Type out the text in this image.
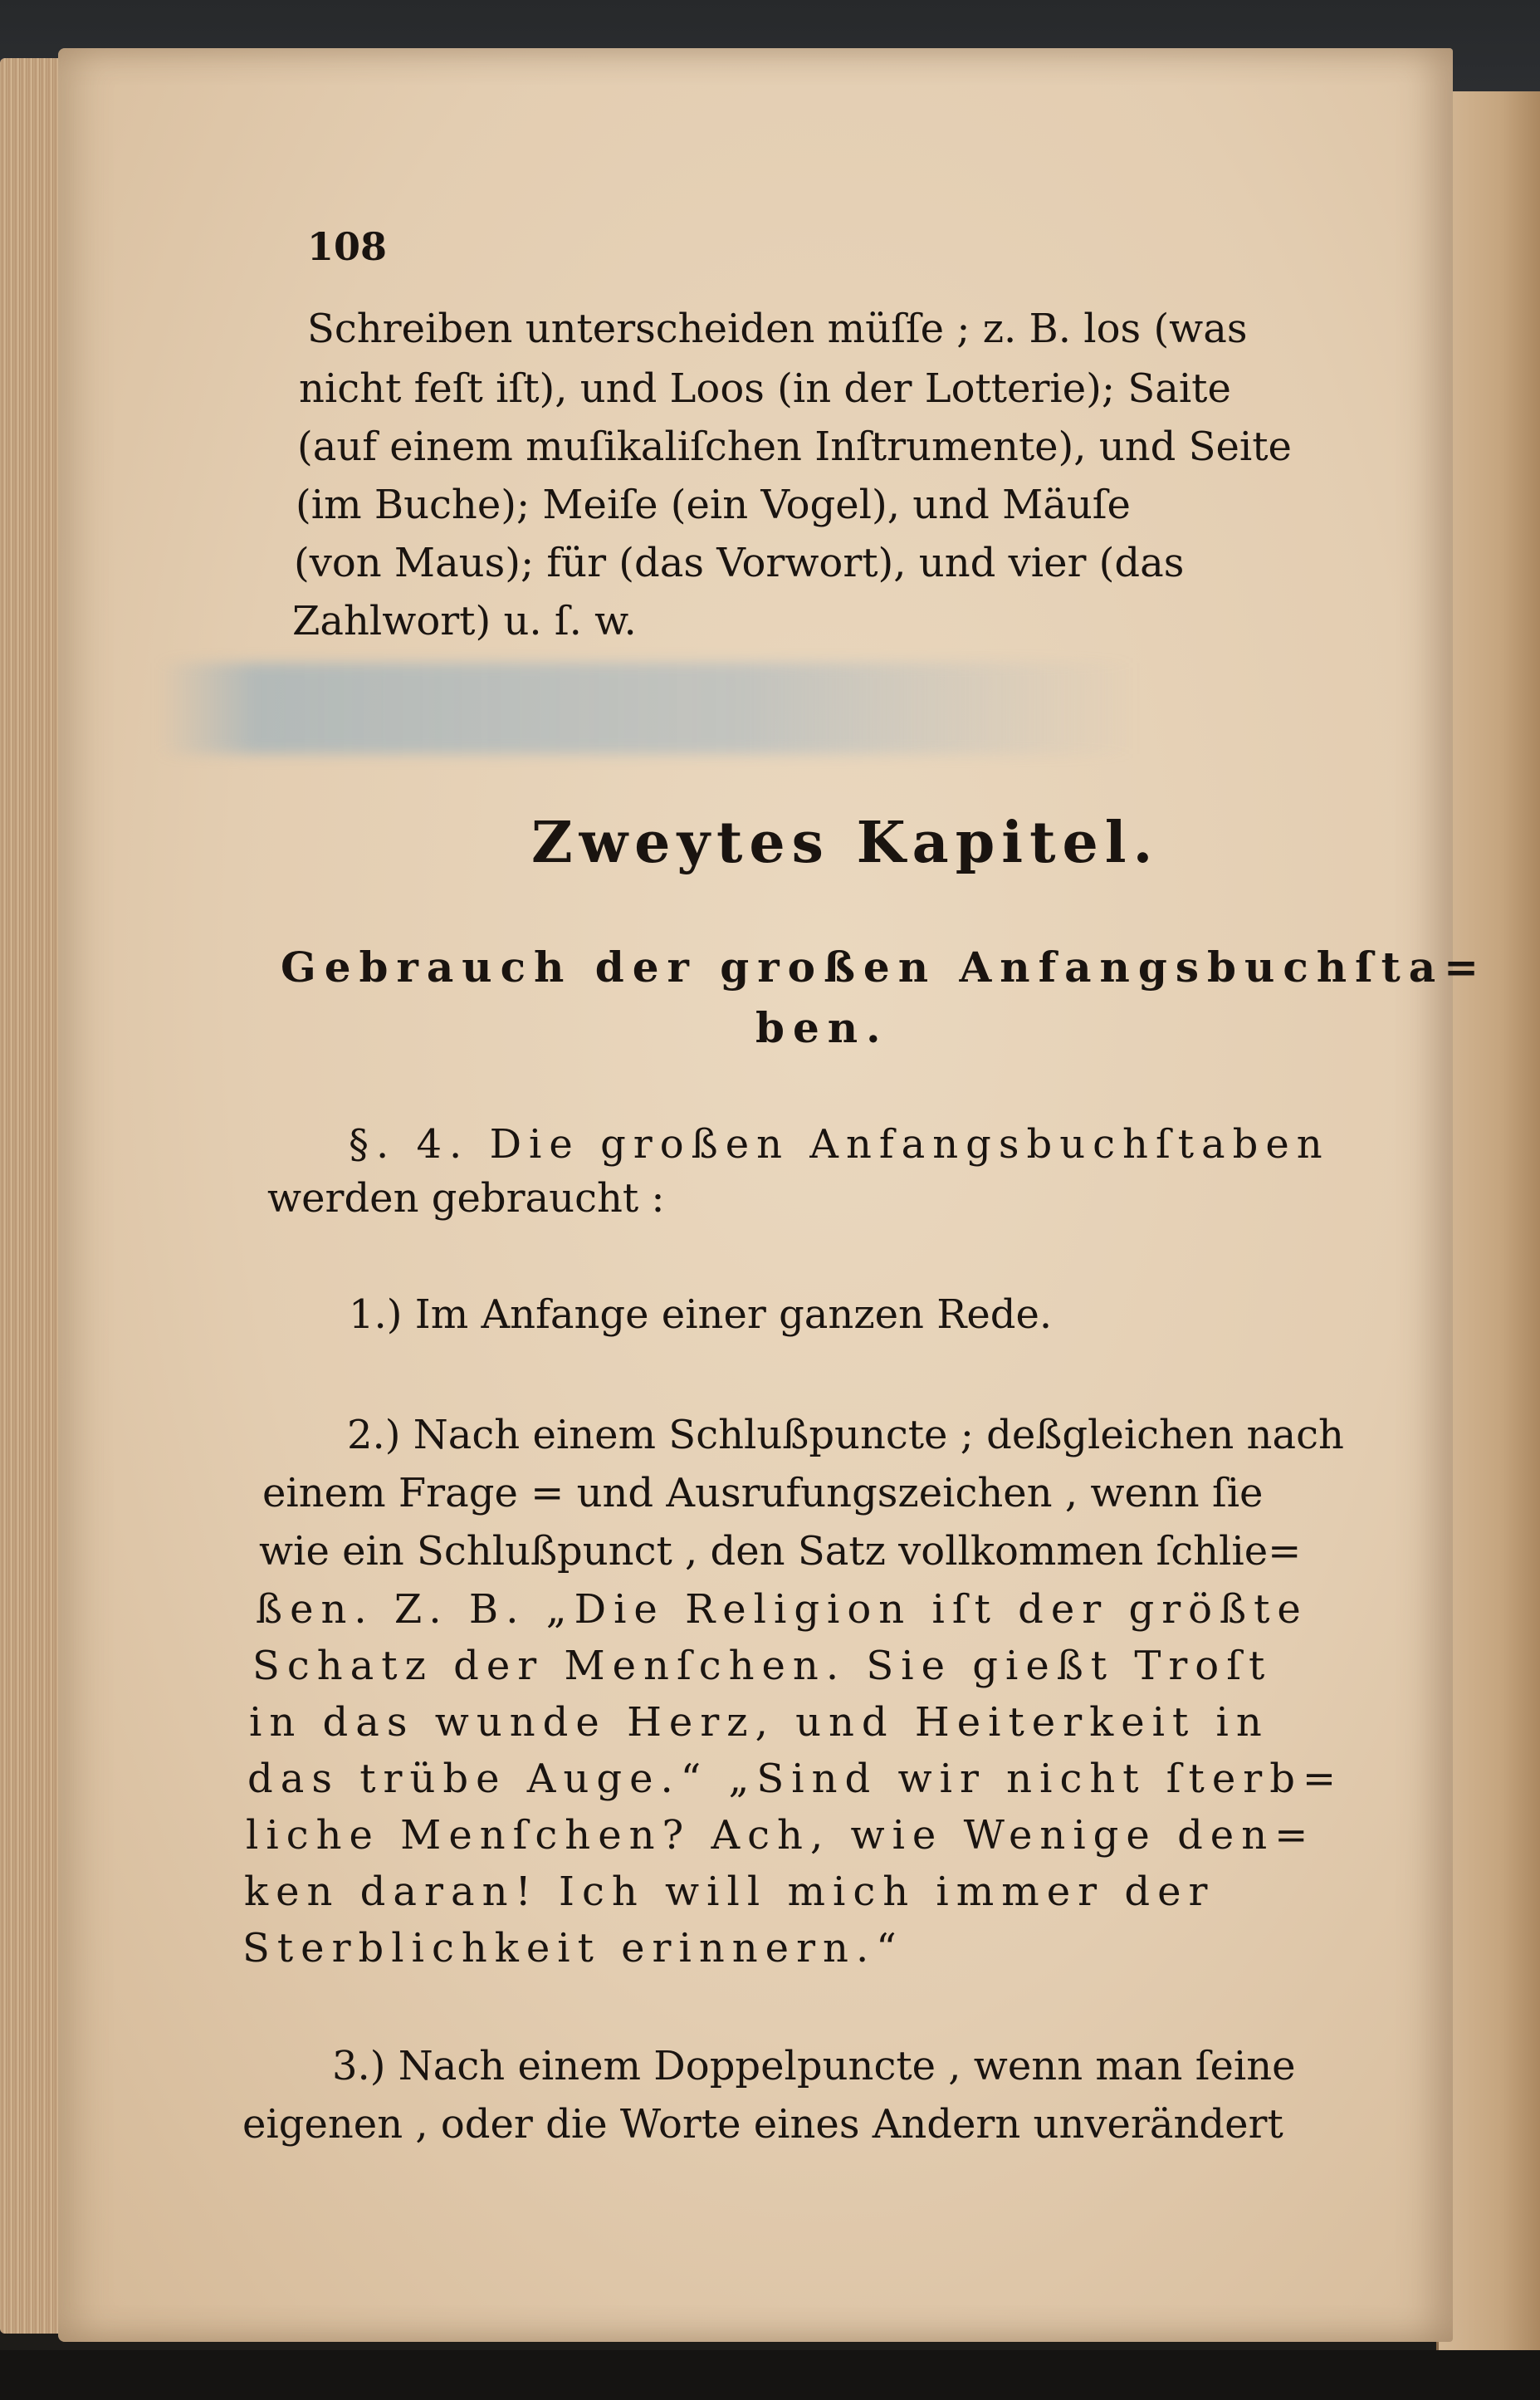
108
Schreiben unterscheiden müſſe ; z. B. los (was
nicht feſt iſt), und Loos (in der Lotterie); Saite
(auf einem muſikaliſchen Inſtrumente), und Seite
(im Buche); Meiſe (ein Vogel), und Mäuſe
(von Maus); für (das Vorwort), und vier (das
Zahlwort) u. ſ. w.
Zweytes Kapitel.
Gebrauch der großen Anfangsbuchſta=
ben.
§. 4. Die großen Anfangsbuchſtaben
werden gebraucht :
1.) Im Anfange einer ganzen Rede.
2.) Nach einem Schlußpuncte ; deßgleichen nach
einem Frage = und Ausrufungszeichen , wenn ſie
wie ein Schlußpunct , den Satz vollkommen ſchlie=
ßen. Z. B. „Die Religion iſt der größte
Schatz der Menſchen. Sie gießt Troſt
in das wunde Herz, und Heiterkeit in
das trübe Auge.“ „Sind wir nicht ſterb=
liche Menſchen? Ach, wie Wenige den=
ken daran! Ich will mich immer der
Sterblichkeit erinnern.“
3.) Nach einem Doppelpuncte , wenn man ſeine
eigenen , oder die Worte eines Andern unverändert
